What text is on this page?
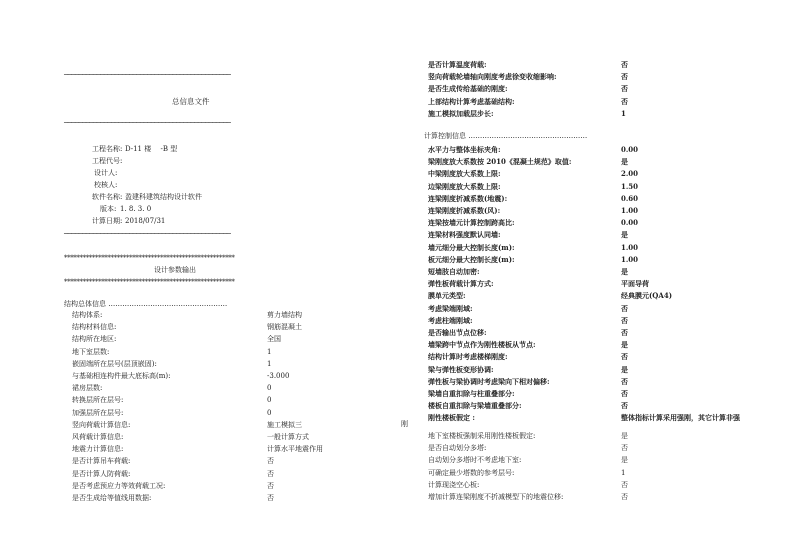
──────────────────────────────────────────────
总信息文件
──────────────────────────────────────────────
工程名称: D-11 楼　 -B 型
工程代号:
设计人:
校核人:
软件名称: 盈建科建筑结构设计软件
版本: 1. 8. 3. 0
计算日期: 2018/07/31
──────────────────────────────────────────────
*******************************************************
设计参数输出
*******************************************************
结构总体信息 ……………………………………………
结构体系:	剪力墙结构
结构材料信息:	钢筋混凝土
结构所在地区:	全国
地下室层数:	1
嵌固端所在层号(层顶嵌固):	1
与基础相连构件最大底标高(m):	-3.000
裙房层数:	0
转换层所在层号:	0
加强层所在层号:	0
竖向荷载计算信息:	施工模拟三
风荷载计算信息:	一般计算方式
地震力计算信息:	计算水平地震作用
是否计算吊车荷载:	否
是否计算人防荷载:	否
是否考虑预应力等效荷载工况:	否
是否生成给等值线用数据:	否
刚
是否计算温度荷载:	否
竖向荷载轮墙轴向刚度考虑徐变收缩影响:	否
是否生成传给基础的刚度:	否
上部结构计算考虑基础结构:	否
施工模拟加载层步长:	1
计算控制信息 ……………………………………………
水平力与整体坐标夹角:	0.00
梁刚度放大系数按 2010《混凝土规范》取值:	是
中梁刚度放大系数上限:	2.00
边梁刚度放大系数上限:	1.50
连梁刚度折减系数(地震):	0.60
连梁刚度折减系数(风):	1.00
连梁按墙元计算控制跨高比:	0.00
连梁材料强度默认同墙:	是
墙元细分最大控制长度(m):	1.00
板元细分最大控制长度(m):	1.00
短墙肢自动加密:	是
弹性板荷载计算方式:	平面导荷
膜单元类型:	经典膜元(QA4)
考虑梁端刚域:	否
考虑柱端刚域:	否
是否输出节点位移:	否
墙梁跨中节点作为刚性楼板从节点:	是
结构计算时考虑楼梯刚度:	否
梁与弹性板变形协调:	是
弹性板与梁协调时考虑梁向下相对偏移:	否
梁墙自重扣除与柱重叠部分:	否
楼板自重扣除与梁墙重叠部分:	否
刚性楼板假定 :	整体指标计算采用强刚，其它计算非强
地下室楼板强制采用刚性楼板假定:	是
是否自动划分多塔:	否
自动划分多塔时不考虑地下室:	是
可确定最少塔数的参考层号:	1
计算现浇空心板:	否
增加计算连梁刚度不折减模型下的地震位移:	否
